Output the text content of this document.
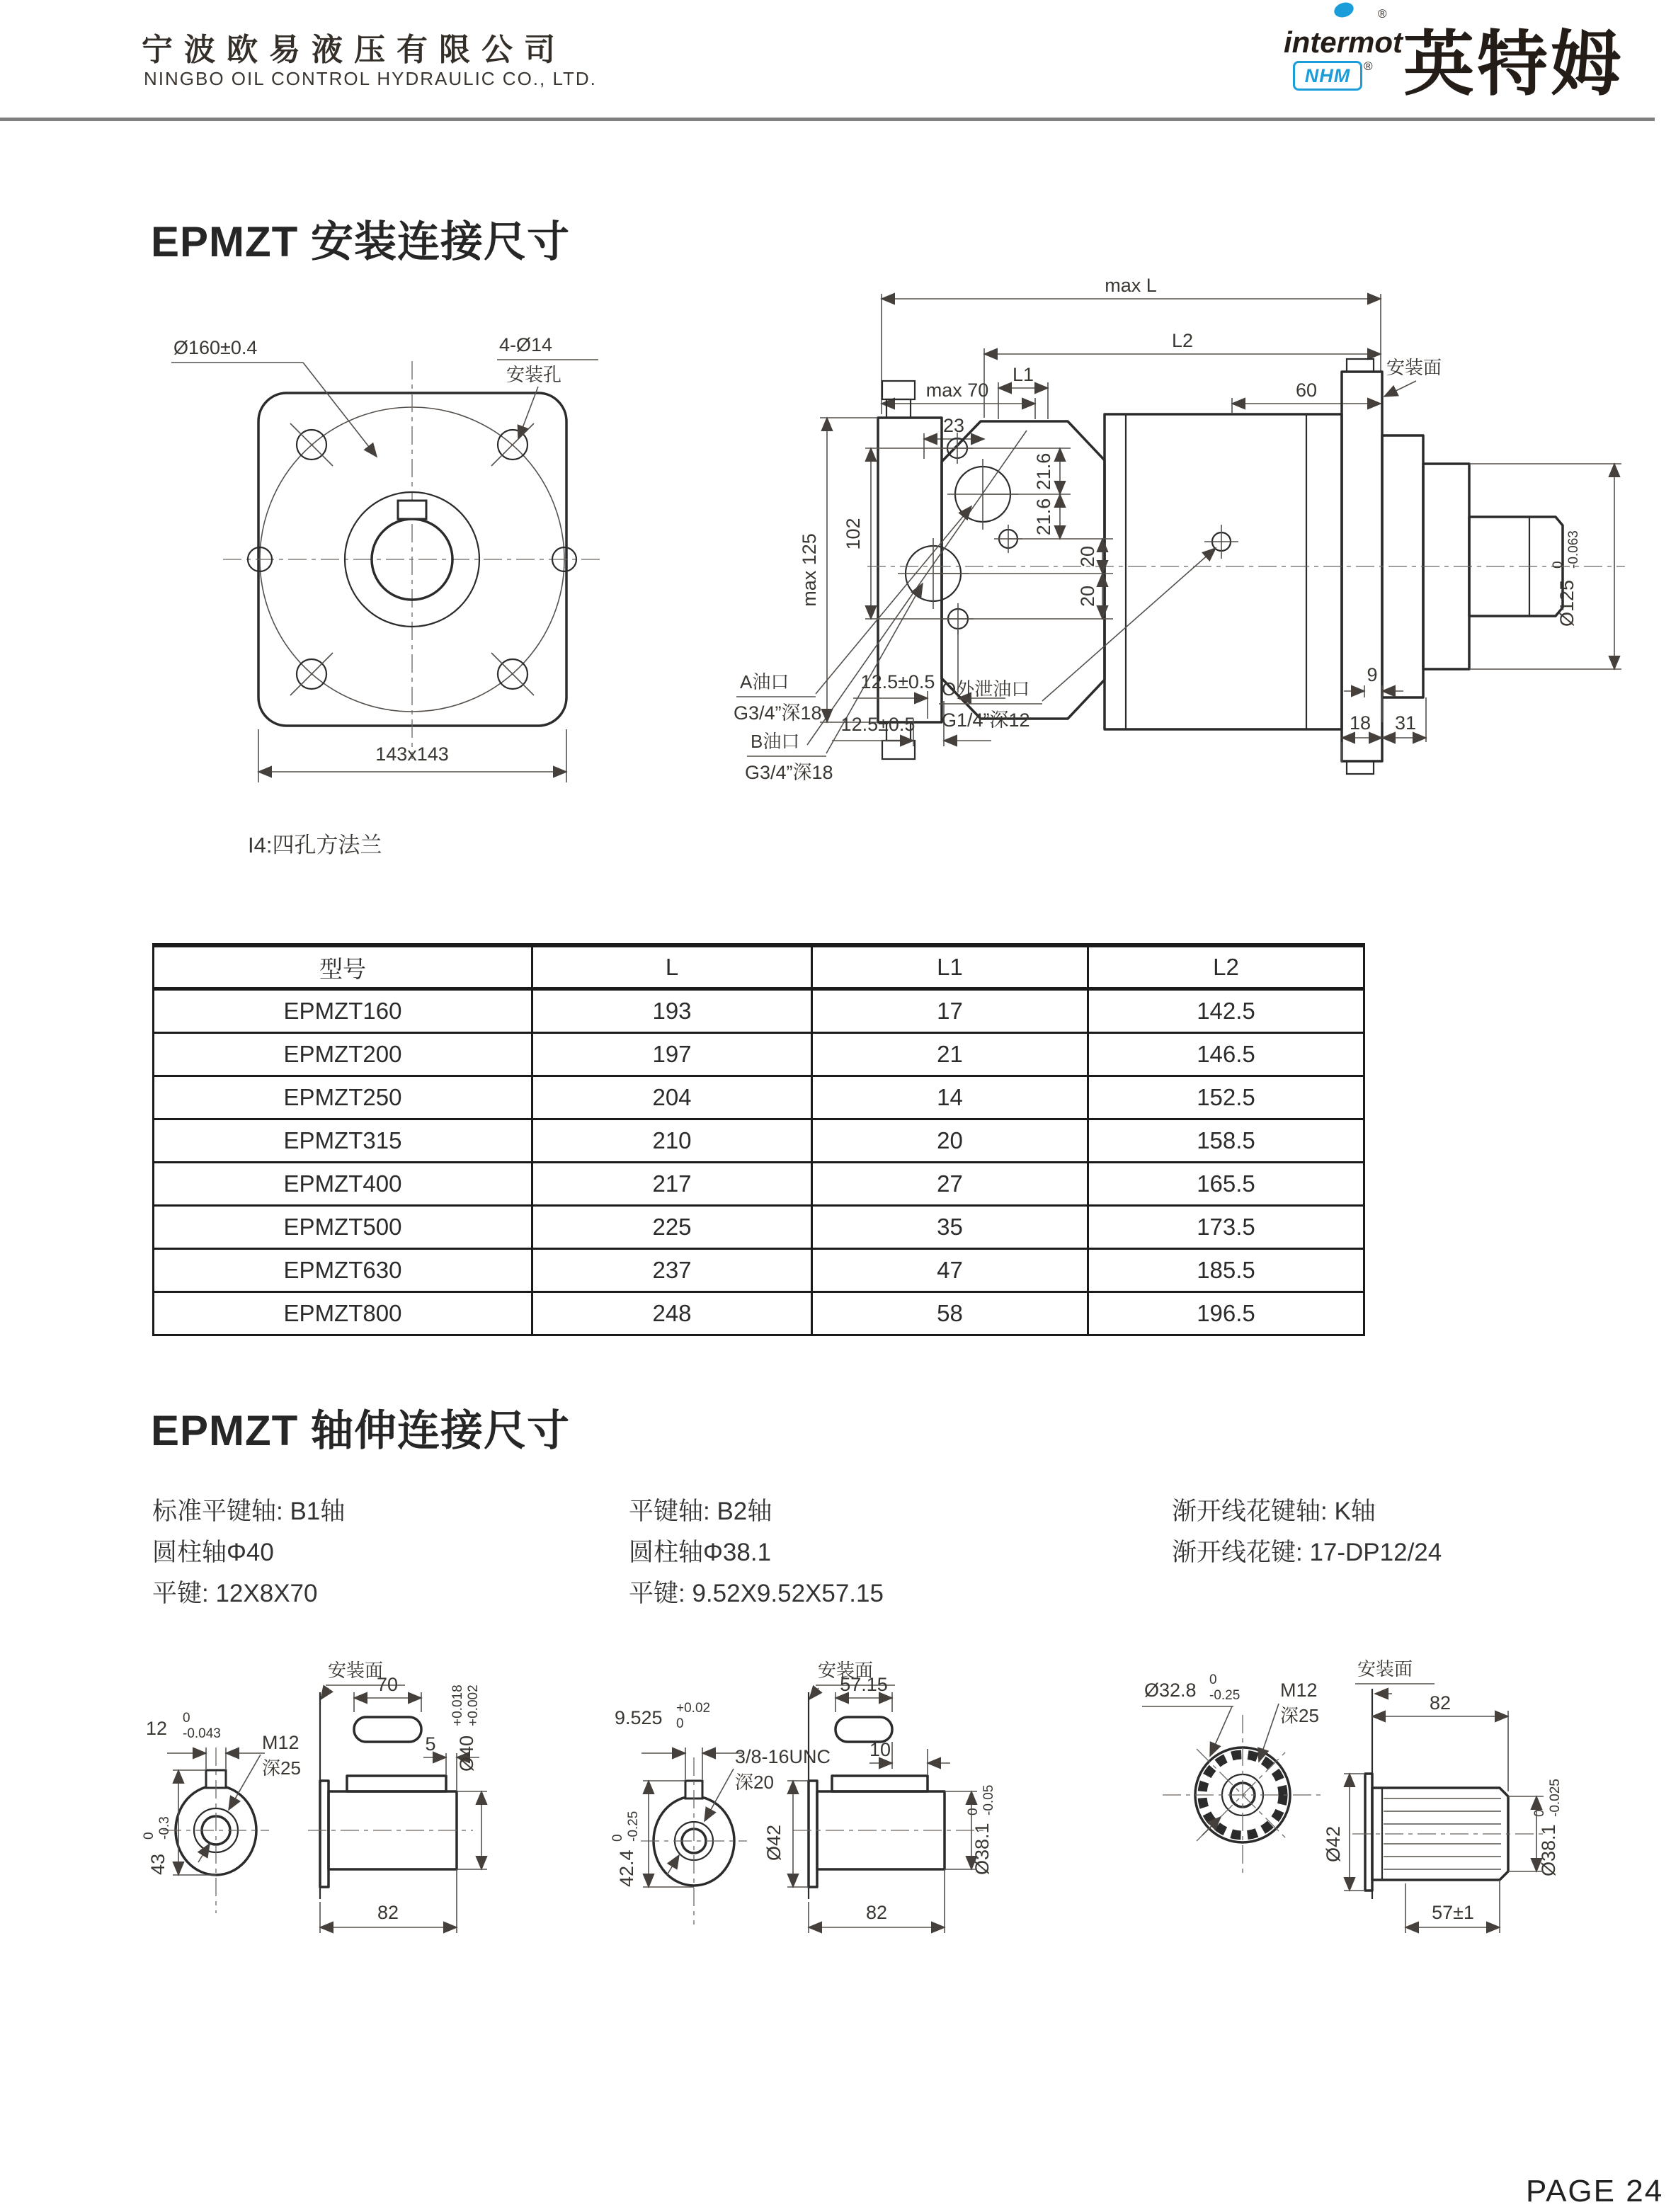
宁波欧易液压有限公司
NINGBO OIL CONTROL HYDRAULIC CO., LTD.
intermot
®
NHM ® 英特姆
EPMZT 安装连接尺寸
Ø160±0.4	4-Ø14
安装孔
143x143
max L
L2
max 70
23
L1
60
安装面
max 125 102
21.6
21.6
20
20	Ø125
0 -0.063
A油口
G3/4”深18
B油口
G3/4”深18
12.5±0.5
12.5±0.5
O外泄油口
G1/4”深12
9
18 31
I4:四孔方法兰
型号	L	L1	L2
EPMZT160	193	17	142.5
EPMZT200	197	21	146.5
EPMZT250	204	14	152.5
EPMZT315	210	20	158.5
EPMZT400	217	27	165.5
EPMZT500	225	35	173.5
EPMZT630	237	47	185.5
EPMZT800	248	58	196.5
EPMZT 轴伸连接尺寸
标准平键轴: B1轴
圆柱轴Φ40
平键: 12X8X70
平键轴: B2轴
圆柱轴Φ38.1
平键: 9.52X9.52X57.15
渐开线花键轴: K轴
渐开线花键: 17-DP12/24
M12
深25
12 0
-0.043
43
0 -0.3
安装面
70
5 Ø40
+0.018 +0.002
82
9.525 +0.02
0
3/8-16UNC
深20
42.4
0 -0.25
安装面
Ø42
57.15
10
Ø38.1
0 -0.05
82
Ø32.8 0
-0.25 M12
深25
安装面
82
Ø38.1
0 -0.025
Ø42
57±1
PAGE 24
